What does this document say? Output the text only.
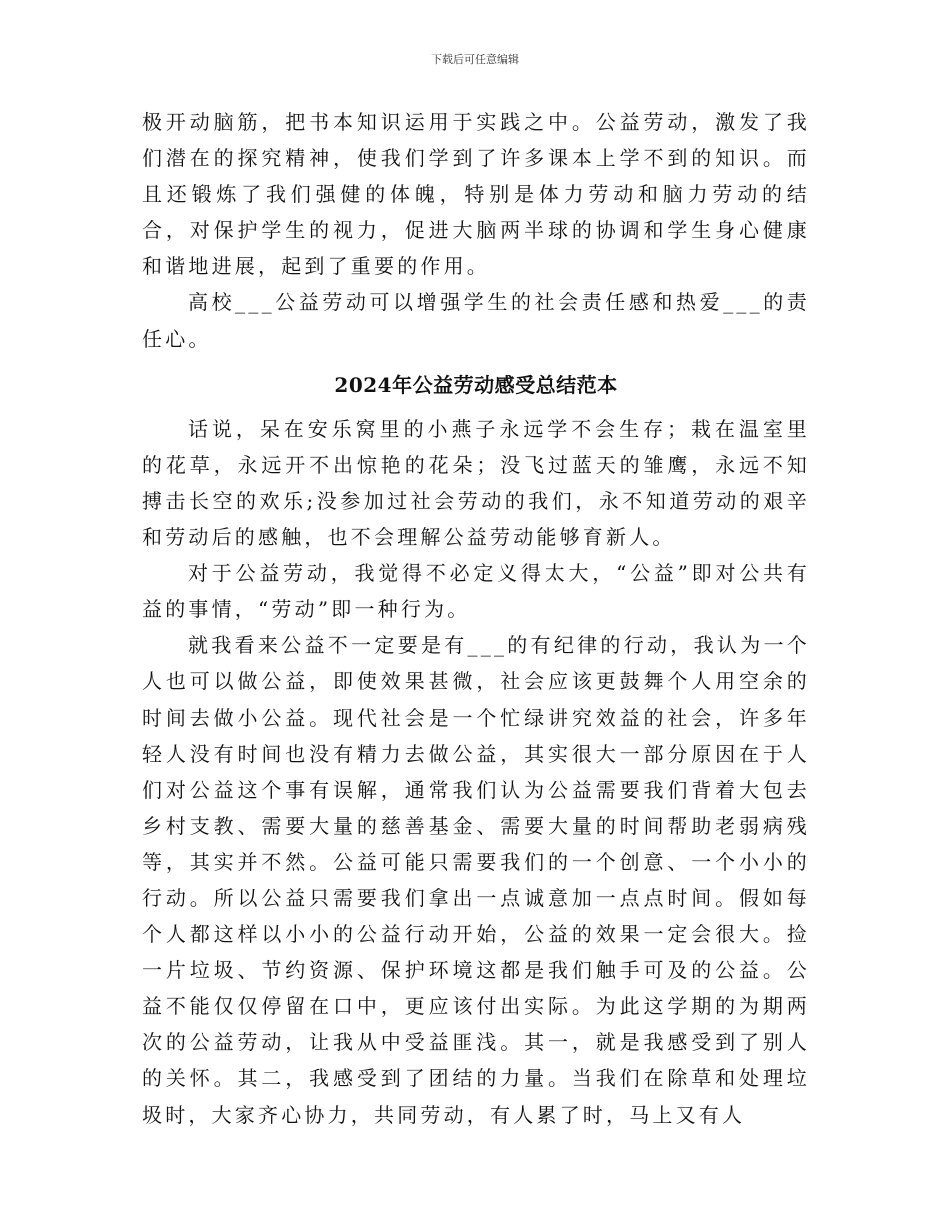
下载后可任意编辑

极开动脑筋，把书本知识运用于实践之中。公益劳动，激发了我们潜在的探究精神，使我们学到了许多课本上学不到的知识。而且还锻炼了我们强健的体魄，特别是体力劳动和脑力劳动的结合，对保护学生的视力，促进大脑两半球的协调和学生身心健康和谐地进展，起到了重要的作用。

高校___公益劳动可以增强学生的社会责任感和热爱___的责任心。

2024年公益劳动感受总结范本

话说，呆在安乐窝里的小燕子永远学不会生存；栽在温室里的花草，永远开不出惊艳的花朵；没飞过蓝天的雏鹰，永远不知搏击长空的欢乐;没参加过社会劳动的我们，永不知道劳动的艰辛和劳动后的感触，也不会理解公益劳动能够育新人。

对于公益劳动，我觉得不必定义得太大，“公益”即对公共有益的事情，“劳动”即一种行为。

就我看来公益不一定要是有___的有纪律的行动，我认为一个人也可以做公益，即使效果甚微，社会应该更鼓舞个人用空余的时间去做小公益。现代社会是一个忙绿讲究效益的社会，许多年轻人没有时间也没有精力去做公益，其实很大一部分原因在于人们对公益这个事有误解，通常我们认为公益需要我们背着大包去乡村支教、需要大量的慈善基金、需要大量的时间帮助老弱病残等，其实并不然。公益可能只需要我们的一个创意、一个小小的行动。所以公益只需要我们拿出一点诚意加一点点时间。假如每个人都这样以小小的公益行动开始，公益的效果一定会很大。捡一片垃圾、节约资源、保护环境这都是我们触手可及的公益。公益不能仅仅停留在口中，更应该付出实际。为此这学期的为期两次的公益劳动，让我从中受益匪浅。其一，就是我感受到了别人的关怀。其二，我感受到了团结的力量。当我们在除草和处理垃圾时，大家齐心协力，共同劳动，有人累了时，马上又有人
